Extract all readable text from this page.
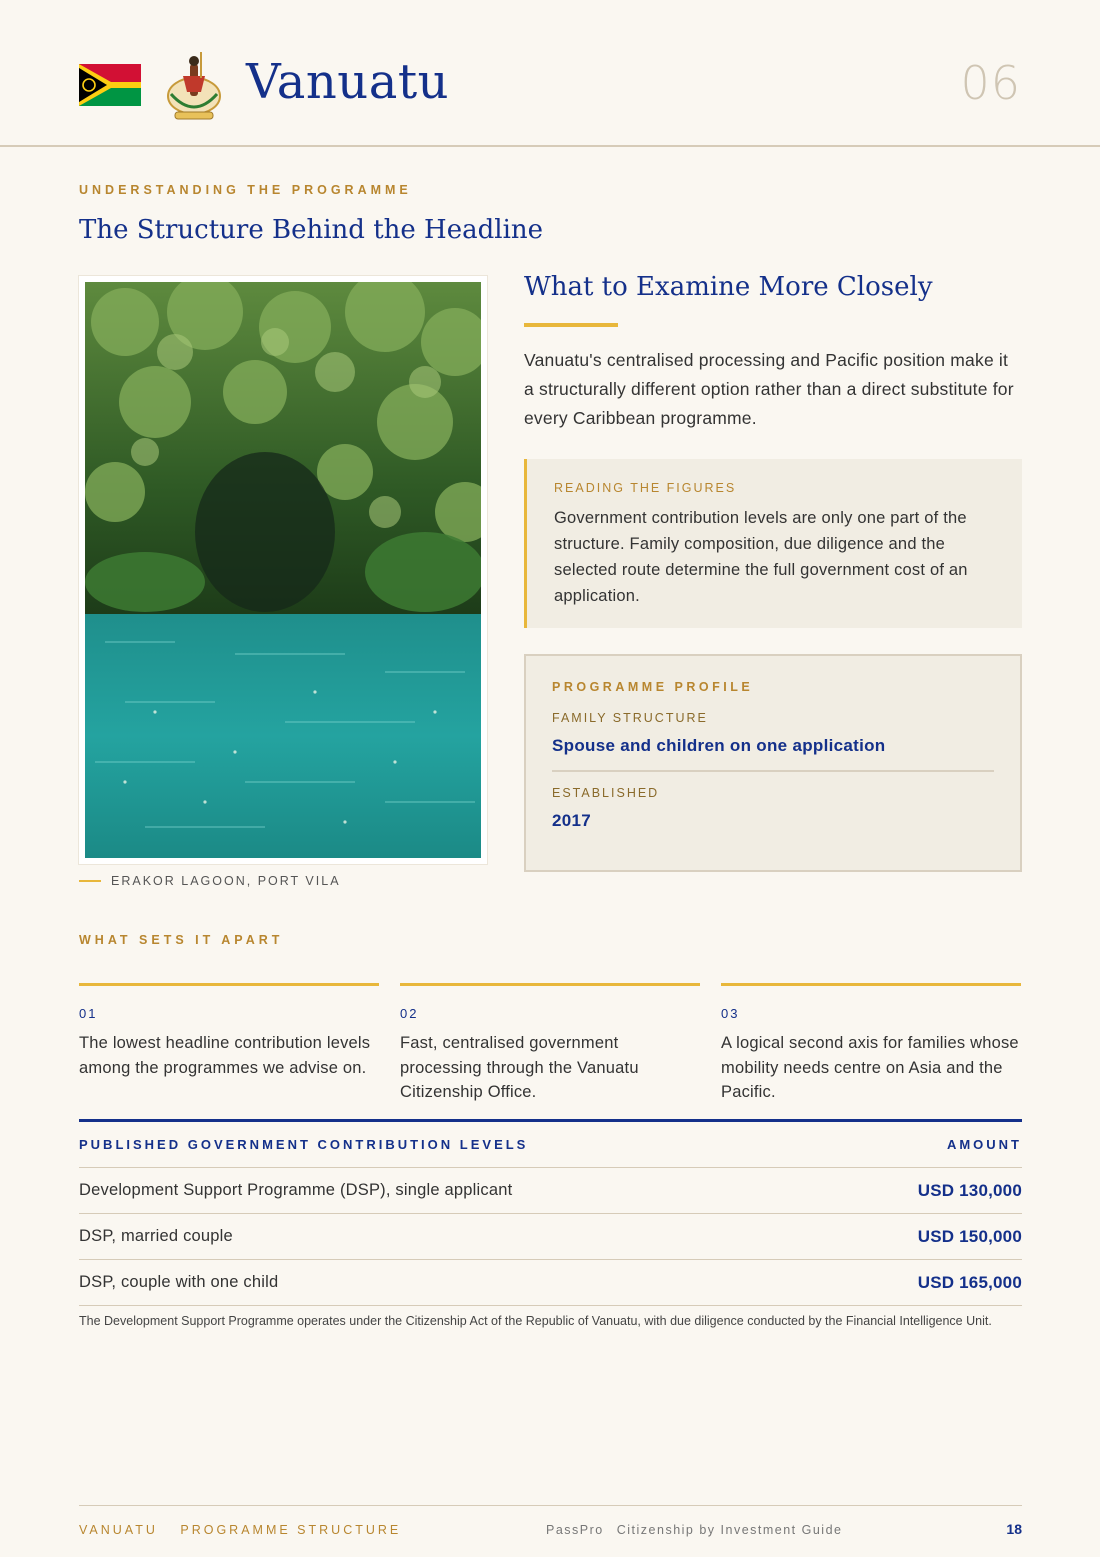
Vanuatu	06
UNDERSTANDING THE PROGRAMME
The Structure Behind the Headline
ERAKOR LAGOON, PORT VILA
What to Examine More Closely
Vanuatu's centralised processing and Pacific position make it a structurally different option rather than a direct substitute for every Caribbean programme.
READING THE FIGURES
Government contribution levels are only one part of the structure. Family composition, due diligence and the selected route determine the full government cost of an application.
PROGRAMME PROFILE
FAMILY STRUCTURE
Spouse and children on one application
ESTABLISHED
2017
WHAT SETS IT APART
01
The lowest headline contribution levels among the programmes we advise on.
02
Fast, centralised government processing through the Vanuatu Citizenship Office.
03
A logical second axis for families whose mobility needs centre on Asia and the Pacific.
PUBLISHED GOVERNMENT CONTRIBUTION LEVELS	AMOUNT
Development Support Programme (DSP), single applicant	USD 130,000
DSP, married couple	USD 150,000
DSP, couple with one child	USD 165,000
The Development Support Programme operates under the Citizenship Act of the Republic of Vanuatu, with due diligence conducted by the Financial Intelligence Unit.
VANUATU PROGRAMME STRUCTURE	PassPro Citizenship by Investment Guide	18
